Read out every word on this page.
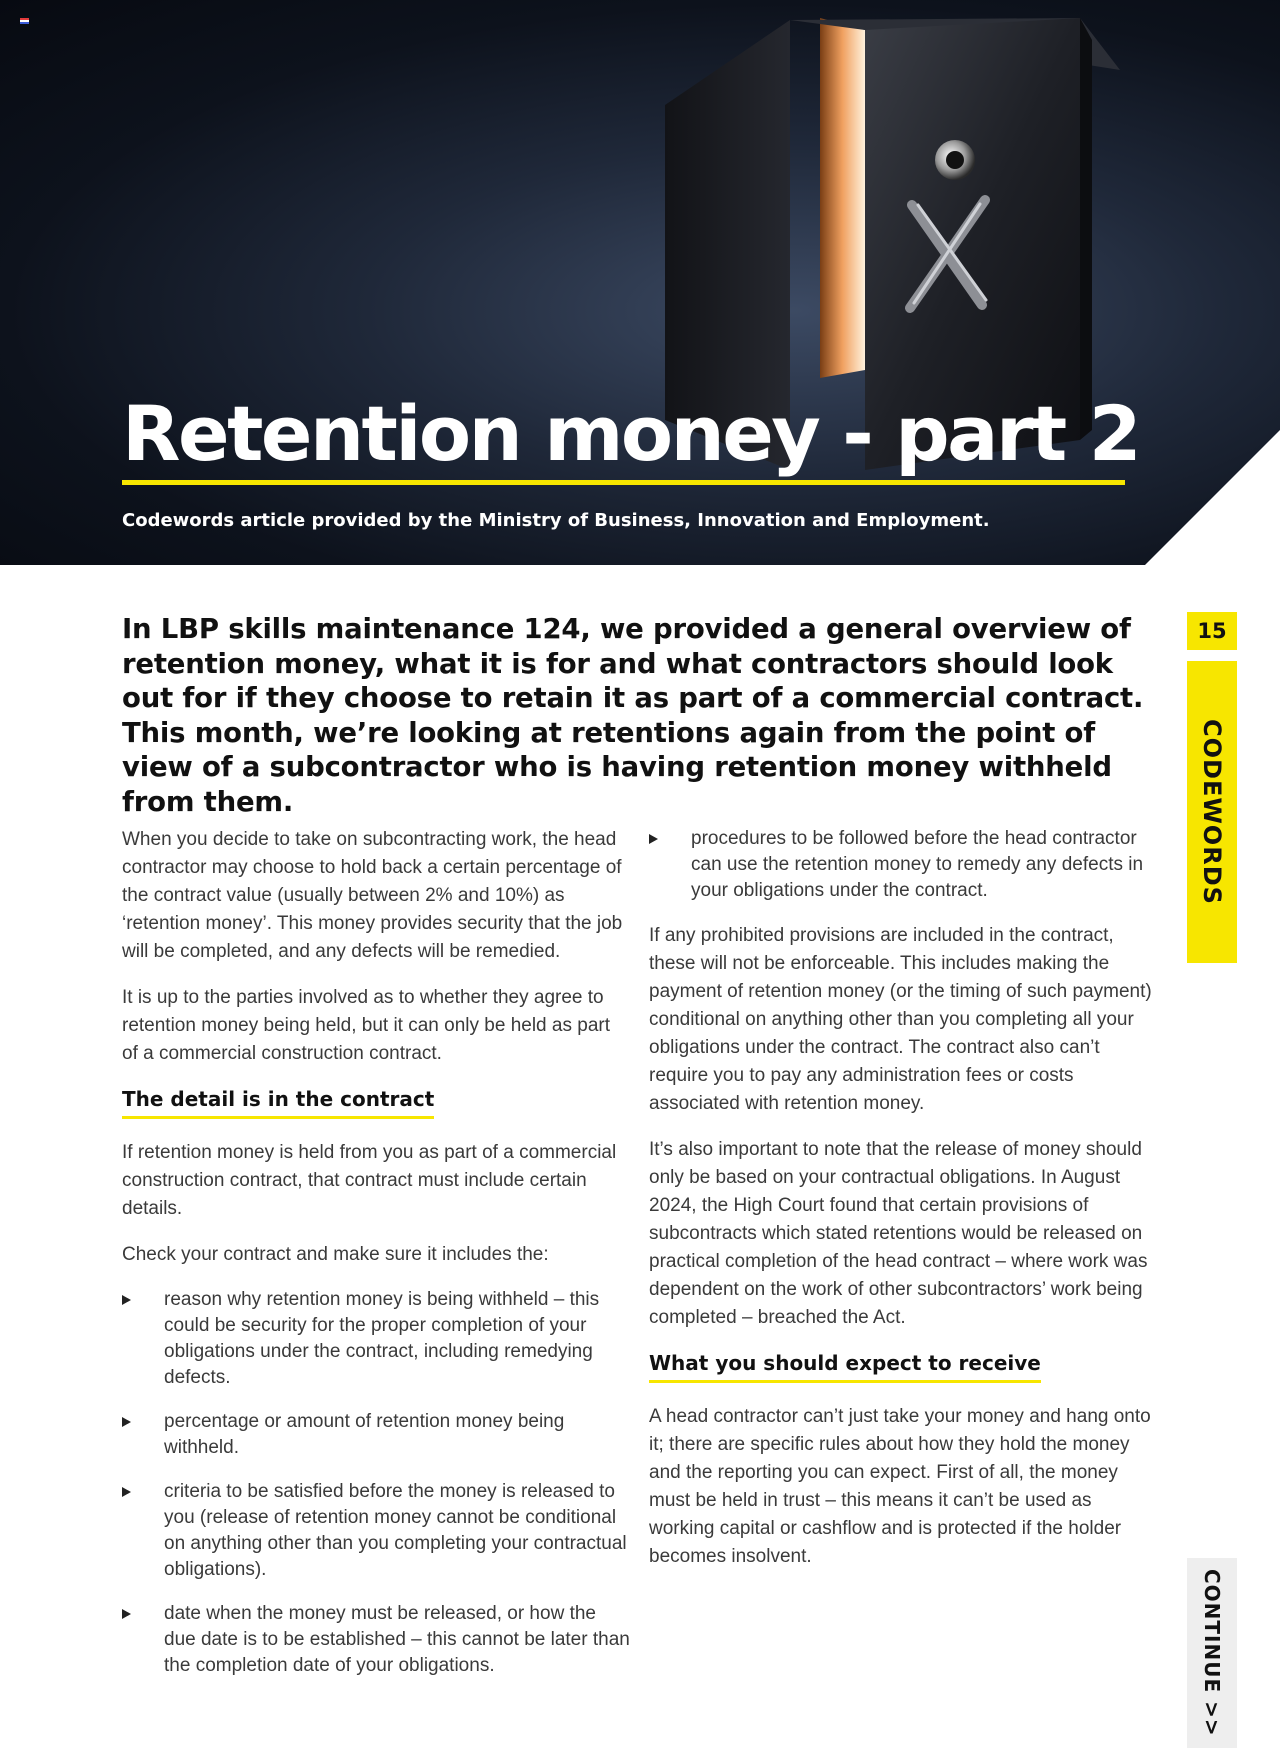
Retention money - part 2
Codewords article provided by the Ministry of Business, Innovation and Employment.
15
CODEWORDS
CONTINUE >>

In LBP skills maintenance 124, we provided a general overview of retention money, what it is for and what contractors should look out for if they choose to retain it as part of a commercial contract. This month, we’re looking at retentions again from the point of view of a subcontractor who is having retention money withheld from them.

When you decide to take on subcontracting work, the head contractor may choose to hold back a certain percentage of the contract value (usually between 2% and 10%) as ‘retention money’. This money provides security that the job will be completed, and any defects will be remedied.

It is up to the parties involved as to whether they agree to retention money being held, but it can only be held as part of a commercial construction contract.

The detail is in the contract

If retention money is held from you as part of a commercial construction contract, that contract must include certain details.

Check your contract and make sure it includes the:

reason why retention money is being withheld – this could be security for the proper completion of your obligations under the contract, including remedying defects.
percentage or amount of retention money being withheld.
criteria to be satisfied before the money is released to you (release of retention money cannot be conditional on anything other than you completing your contractual obligations).
date when the money must be released, or how the due date is to be established – this cannot be later than the completion date of your obligations.
procedures to be followed before the head contractor can use the retention money to remedy any defects in your obligations under the contract.

If any prohibited provisions are included in the contract, these will not be enforceable. This includes making the payment of retention money (or the timing of such payment) conditional on anything other than you completing all your obligations under the contract. The contract also can’t require you to pay any administration fees or costs associated with retention money.

It’s also important to note that the release of money should only be based on your contractual obligations. In August 2024, the High Court found that certain provisions of subcontracts which stated retentions would be released on practical completion of the head contract – where work was dependent on the work of other subcontractors’ work being completed – breached the Act.

What you should expect to receive

A head contractor can’t just take your money and hang onto it; there are specific rules about how they hold the money and the reporting you can expect. First of all, the money must be held in trust – this means it can’t be used as working capital or cashflow and is protected if the holder becomes insolvent.
